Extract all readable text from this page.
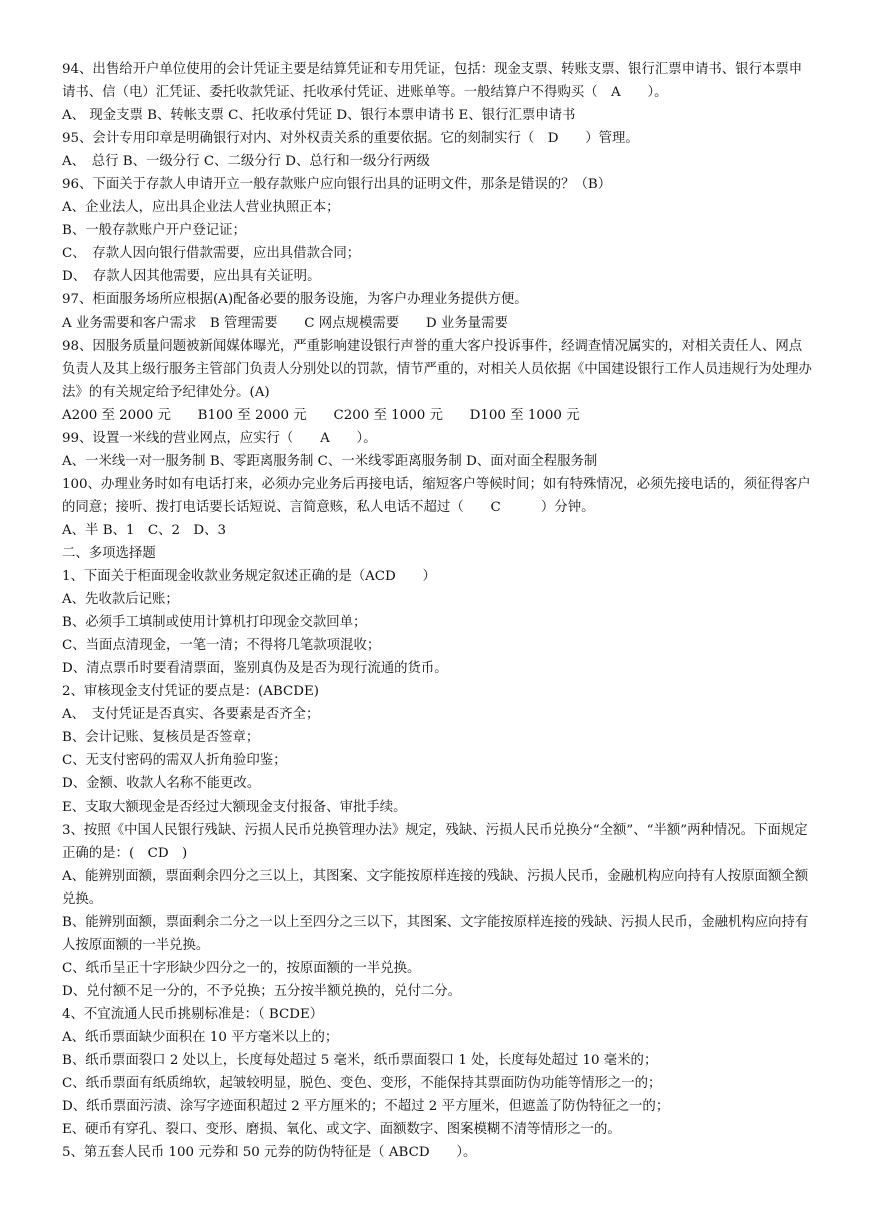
94、出售给开户单位使用的会计凭证主要是结算凭证和专用凭证，包括：现金支票、转账支票、银行汇票申请书、银行本票申请书、信（电）汇凭证、委托收款凭证、托收承付凭证、进账单等。一般结算户不得购买（　A　　）。

A、 现金支票 B、转帐支票 C、托收承付凭证 D、银行本票申请书 E、银行汇票申请书

95、会计专用印章是明确银行对内、对外权责关系的重要依据。它的刻制实行（　D　　）管理。

A、　总行 B、一级分行 C、二级分行 D、总行和一级分行两级

96、下面关于存款人申请开立一般存款账户应向银行出具的证明文件，那条是错误的？（B）

A、企业法人，应出具企业法人营业执照正本；

B、一般存款账户开户登记证；

C、　存款人因向银行借款需要，应出具借款合同；

D、　存款人因其他需要，应出具有关证明。

97、柜面服务场所应根据(A)配备必要的服务设施，为客户办理业务提供方便。

A 业务需要和客户需求　B 管理需要　　C 网点规模需要　　D 业务量需要

98、因服务质量问题被新闻媒体曝光，严重影响建设银行声誉的重大客户投诉事件，经调查情况属实的，对相关责任人、网点负责人及其上级行服务主管部门负责人分别处以的罚款，情节严重的，对相关人员依据《中国建设银行工作人员违规行为处理办法》的有关规定给予纪律处分。(A)

A200 至 2000 元　　B100 至 2000 元　　C200 至 1000 元　　D100 至 1000 元

99、设置一米线的营业网点，应实行（　　A　　）。

A、一米线一对一服务制 B、零距离服务制 C、一米线零距离服务制 D、面对面全程服务制

100、办理业务时如有电话打来，必须办完业务后再接电话，缩短客户等候时间；如有特殊情况，必须先接电话的，须征得客户的同意；接听、拨打电话要长话短说、言简意赅，私人电话不超过（　　C　　　）分钟。

A、半 B、1　C、2　D、3

二、多项选择题

1、下面关于柜面现金收款业务规定叙述正确的是（ACD　　）

A、先收款后记账；

B、必须手工填制或使用计算机打印现金交款回单；

C、当面点清现金，一笔一清；不得将几笔款项混收；

D、清点票币时要看清票面，鉴别真伪及是否为现行流通的货币。

2、审核现金支付凭证的要点是：(ABCDE)

A、　支付凭证是否真实、各要素是否齐全；

B、会计记账、复核员是否签章；

C、无支付密码的需双人折角验印鉴；

D、金额、收款人名称不能更改。

E、支取大额现金是否经过大额现金支付报备、审批手续。

3、按照《中国人民银行残缺、污损人民币兑换管理办法》规定，残缺、污损人民币兑换分“全额”、“半额”两种情况。下面规定正确的是：(　CD　)

A、能辨别面额，票面剩余四分之三以上，其图案、文字能按原样连接的残缺、污损人民币，金融机构应向持有人按原面额全额兑换。

B、能辨别面额，票面剩余二分之一以上至四分之三以下，其图案、文字能按原样连接的残缺、污损人民币，金融机构应向持有人按原面额的一半兑换。

C、纸币呈正十字形缺少四分之一的，按原面额的一半兑换。

D、兑付额不足一分的，不予兑换；五分按半额兑换的，兑付二分。

4、不宜流通人民币挑剔标准是：（ BCDE）

A、纸币票面缺少面积在 10 平方毫米以上的；

B、纸币票面裂口 2 处以上，长度每处超过 5 毫米，纸币票面裂口 1 处，长度每处超过 10 毫米的；

C、纸币票面有纸质绵软，起皱较明显，脱色、变色、变形，不能保持其票面防伪功能等情形之一的；

D、纸币票面污渍、涂写字迹面积超过 2 平方厘米的；不超过 2 平方厘米，但遮盖了防伪特征之一的；

E、硬币有穿孔、裂口、变形、磨损、氧化、或文字、面额数字、图案模糊不清等情形之一的。

5、第五套人民币 100 元券和 50 元券的防伪特征是（ ABCD　　）。
